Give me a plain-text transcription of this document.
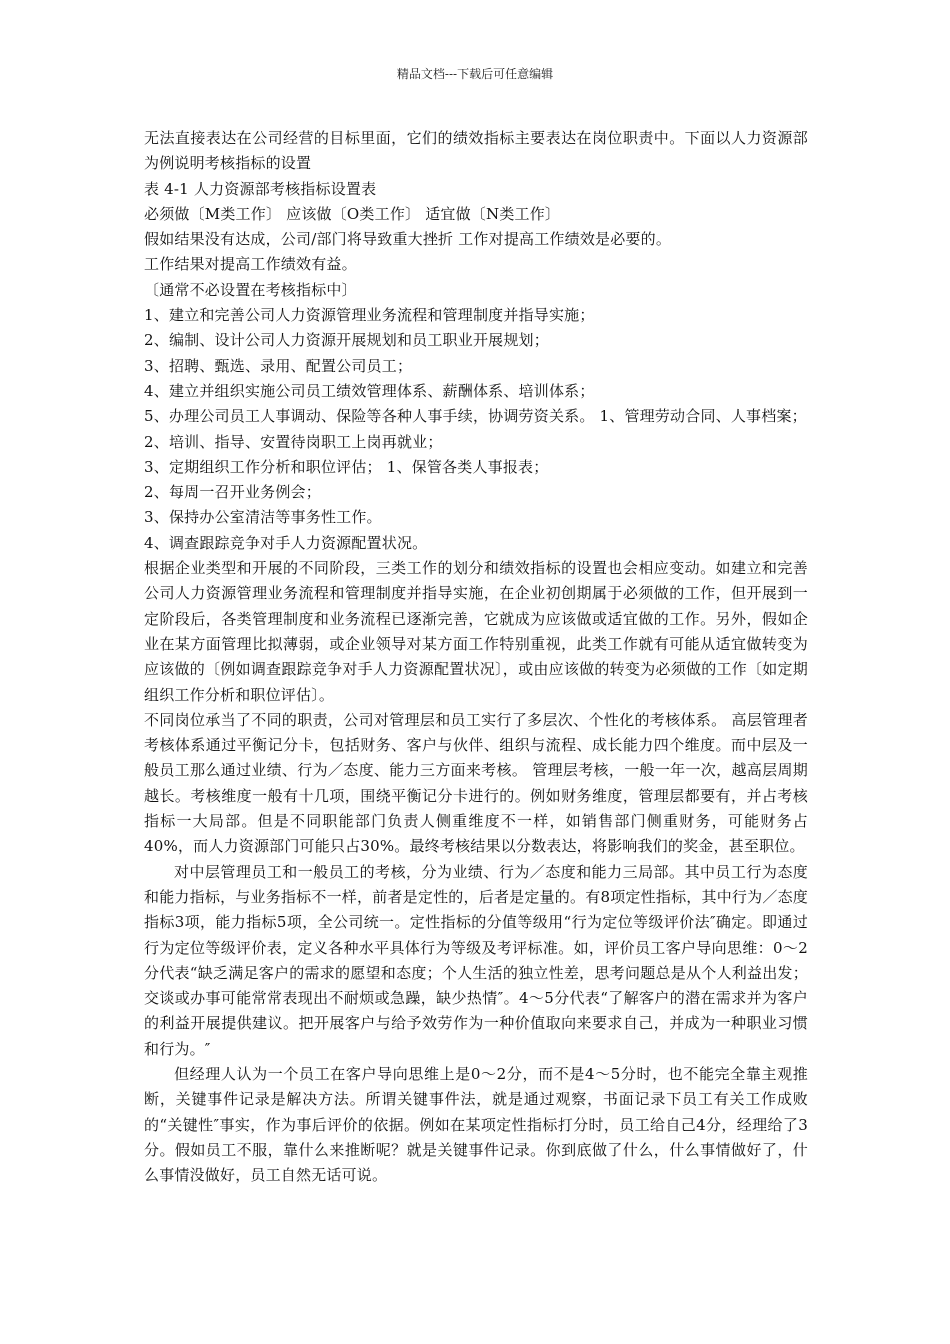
精品文档---下载后可任意编辑

无法直接表达在公司经营的目标里面，它们的绩效指标主要表达在岗位职责中。下面以人力资源部为例说明考核指标的设置

表 4-1 人力资源部考核指标设置表

必须做〔M类工作〕 应该做〔O类工作〕 适宜做〔N类工作〕

假如结果没有达成，公司/部门将导致重大挫折 工作对提高工作绩效是必要的。

工作结果对提高工作绩效有益。

〔通常不必设置在考核指标中〕

1、建立和完善公司人力资源管理业务流程和管理制度并指导实施；

2、编制、设计公司人力资源开展规划和员工职业开展规划；

3、招聘、甄选、录用、配置公司员工；

4、建立并组织实施公司员工绩效管理体系、薪酬体系、培训体系；

5、办理公司员工人事调动、保险等各种人事手续，协调劳资关系。 1、管理劳动合同、人事档案；

2、培训、指导、安置待岗职工上岗再就业；

3、定期组织工作分析和职位评估； 1、保管各类人事报表；

2、每周一召开业务例会；

3、保持办公室清洁等事务性工作。

4、调查跟踪竞争对手人力资源配置状况。

根据企业类型和开展的不同阶段，三类工作的划分和绩效指标的设置也会相应变动。如建立和完善公司人力资源管理业务流程和管理制度并指导实施，在企业初创期属于必须做的工作，但开展到一定阶段后，各类管理制度和业务流程已逐渐完善，它就成为应该做或适宜做的工作。另外，假如企业在某方面管理比拟薄弱，或企业领导对某方面工作特别重视，此类工作就有可能从适宜做转变为应该做的〔例如调查跟踪竞争对手人力资源配置状况〕，或由应该做的转变为必须做的工作〔如定期组织工作分析和职位评估〕。

不同岗位承当了不同的职责，公司对管理层和员工实行了多层次、个性化的考核体系。 高层管理者考核体系通过平衡记分卡，包括财务、客户与伙伴、组织与流程、成长能力四个维度。而中层及一般员工那么通过业绩、行为／态度、能力三方面来考核。 管理层考核，一般一年一次，越高层周期越长。考核维度一般有十几项，围绕平衡记分卡进行的。例如财务维度，管理层都要有，并占考核指标一大局部。但是不同职能部门负责人侧重维度不一样，如销售部门侧重财务，可能财务占40%，而人力资源部门可能只占30%。最终考核结果以分数表达，将影响我们的奖金，甚至职位。

对中层管理员工和一般员工的考核，分为业绩、行为／态度和能力三局部。其中员工行为态度和能力指标，与业务指标不一样，前者是定性的，后者是定量的。有8项定性指标，其中行为／态度指标3项，能力指标5项，全公司统一。定性指标的分值等级用“行为定位等级评价法″确定。即通过行为定位等级评价表，定义各种水平具体行为等级及考评标准。如，评价员工客户导向思维：0～2分代表“缺乏满足客户的需求的愿望和态度；个人生活的独立性差，思考问题总是从个人利益出发；交谈或办事可能常常表现出不耐烦或急躁，缺少热情″。4～5分代表“了解客户的潜在需求并为客户的利益开展提供建议。把开展客户与给予效劳作为一种价值取向来要求自己，并成为一种职业习惯和行为。″

但经理人认为一个员工在客户导向思维上是0～2分，而不是4～5分时，也不能完全靠主观推断，关键事件记录是解决方法。所谓关键事件法，就是通过观察，书面记录下员工有关工作成败的“关键性″事实，作为事后评价的依据。例如在某项定性指标打分时，员工给自己4分，经理给了3分。假如员工不服，靠什么来推断呢？就是关键事件记录。你到底做了什么，什么事情做好了，什么事情没做好，员工自然无话可说。
